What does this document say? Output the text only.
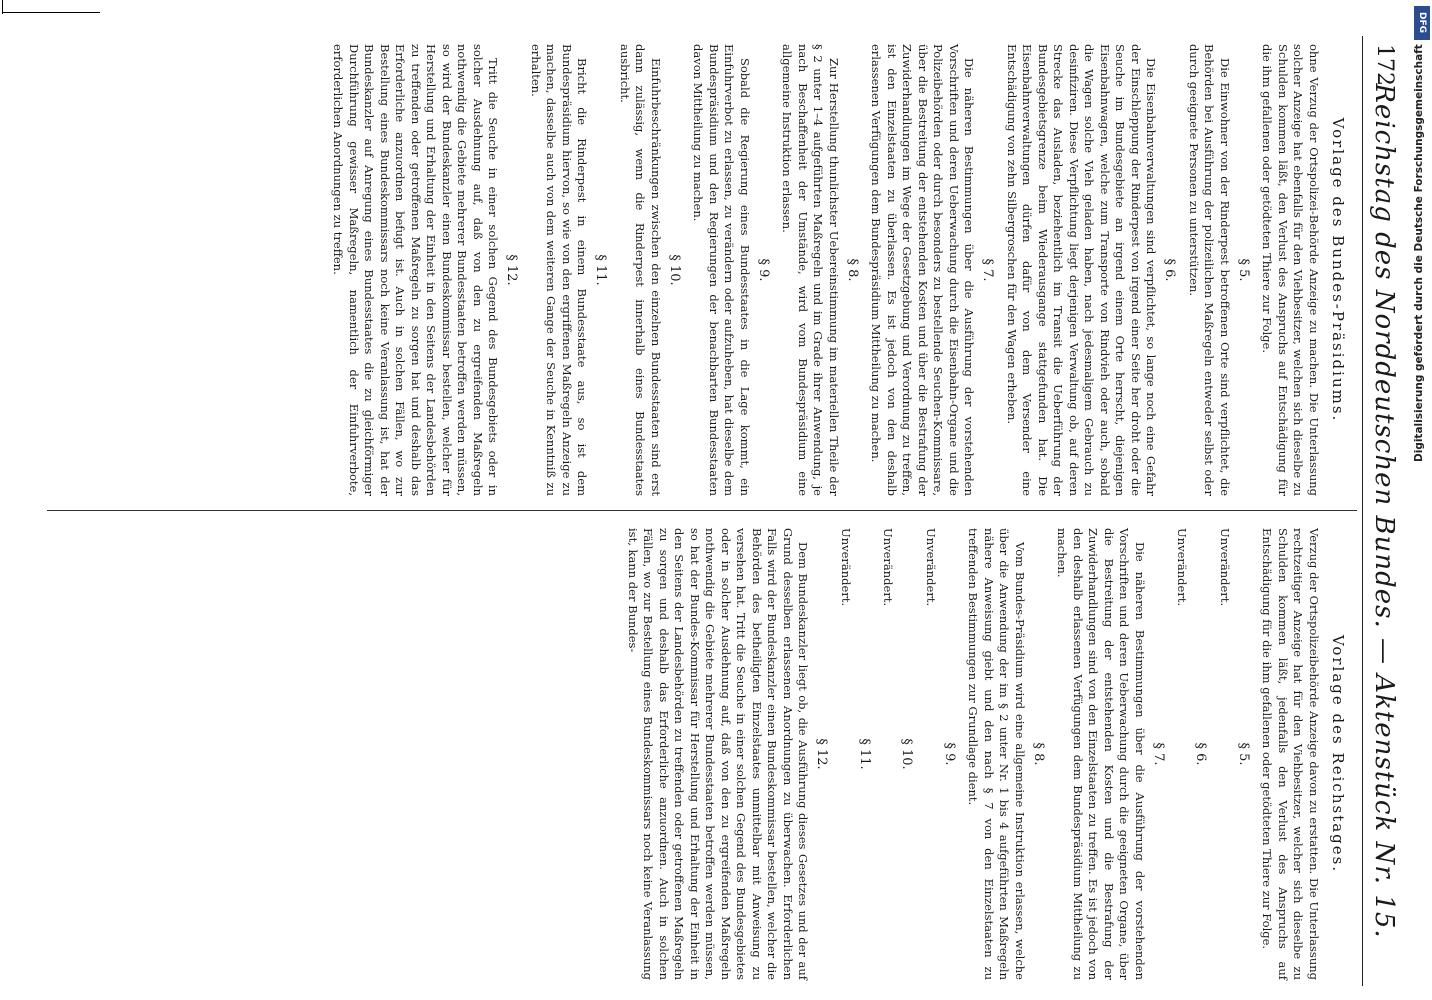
172
Reichstag des Norddeutschen Bundes. — Aktenstück Nr. 15.
Vorlage des Bundes-Präsidiums.

ohne Verzug der Ortspolizei-Behörde Anzeige zu machen. Die Unterlassung solcher Anzeige hat ebenfalls für den Viehbesitzer, welchen sich dieselbe zu Schulden kommen läßt, den Verlust des Anspruchs auf Entschädigung für die ihm gefallenen oder getödteten Thiere zur Folge.

§ 5.

Die Einwohner von der Rinderpest betroffenen Orte sind verpflichtet, die Behörden bei Ausführung der polizeilichen Maßregeln entweder selbst oder durch geeignete Personen zu unterstützen.

§ 6.

Die Eisenbahnverwaltungen sind verpflichtet, so lange noch eine Gefahr der Einschleppung der Rinderpest von irgend einer Seite her droht oder die Seuche im Bundesgebiete an irgend einem Orte herrscht, diejenigen Eisenbahnwagen, welche zum Transporte von Rindvieh oder auch, sobald die Wagen solche Vieh geladen haben, nach jedesmaligem Gebrauch zu desinfiziren. Diese Verpflichtung liegt derjenigen Verwaltung ob, auf deren Strecke das Ausladen, beziehentlich im Transit die Ueberführung der Bundesgebietsgrenze beim Wiederausgange stattgefunden hat. Die Eisenbahnverwaltungen dürfen dafür von dem Versender eine Entschädigung von zehn Silbergroschen für den Wagen erheben.

§ 7.

Die näheren Bestimmungen über die Ausführung der vorstehenden Vorschriften und deren Ueberwachung durch die Eisenbahn-Organe und die Polizeibehörden oder durch besonders zu bestellende Seuchen-Kommissare, über die Bestreitung der entstehenden Kosten und über die Bestrafung der Zuwiderhandlungen im Wege der Gesetzgebung und Verordnung zu treffen, ist den Einzelstaaten zu überlassen. Es ist jedoch von den deshalb erlassenen Verfügungen dem Bundespräsidium Mittheilung zu machen.

§ 8.

Zur Herstellung thunlichster Uebereinstimmung im materiellen Theile der § 2 unter 1–4 aufgeführten Maßregeln und im Grade ihrer Anwendung, je nach Beschaffenheit der Umstände, wird vom Bundespräsidium eine allgemeine Instruktion erlassen.

§ 9.

Sobald die Regierung eines Bundesstaates in die Lage kommt, ein Einfuhrverbot zu erlassen, zu verändern oder aufzuheben, hat dieselbe dem Bundespräsidium und den Regierungen der benachbarten Bundesstaaten davon Mittheilung zu machen.

§ 10.

Einfuhrbeschränkungen zwischen den einzelnen Bundesstaaten sind erst dann zulässig, wenn die Rinderpest innerhalb eines Bundesstaates ausbricht.

§ 11.

Bricht die Rinderpest in einem Bundesstaate aus, so ist dem Bundespräsidium hiervon, so wie von den ergriffenen Maßregeln Anzeige zu machen, dasselbe auch von dem weiteren Gange der Seuche in Kenntniß zu erhalten.

§ 12.

Tritt die Seuche in einer solchen Gegend des Bundesgebiets oder in solcher Ausdehnung auf, daß von den zu ergreifenden Maßregeln nothwendig die Gebiete mehrerer Bundesstaaten betroffen werden müssen, so wird der Bundeskanzler einen Bundeskommissar bestellen, welcher für Herstellung und Erhaltung der Einheit in den Seitens der Landesbehörden zu treffenden oder getroffenen Maßregeln zu sorgen hat und deshalb das Erforderliche anzuordnen befugt ist. Auch in solchen Fällen, wo zur Bestellung eines Bundeskommissars noch keine Veranlassung ist, hat der Bundeskanzler auf Anregung eines Bundesstaates die zu gleichförmiger Durchführung gewisser Maßregeln, namentlich der Einfuhrverbote, erforderlichen Anordnungen zu treffen.

Vorlage des Reichstages.

Verzug der Ortspolizeibehörde Anzeige davon zu erstatten. Die Unterlassung rechtzeitiger Anzeige hat für den Viehbesitzer, welcher sich dieselbe zu Schulden kommen läßt, jedenfalls den Verlust des Anspruchs auf Entschädigung für die ihm gefallenen oder getödteten Thiere zur Folge.

§ 5.
Unverändert.

§ 6.
Unverändert.

§ 7.

Die näheren Bestimmungen über die Ausführung der vorstehenden Vorschriften und deren Ueberwachung durch die geeigneten Organe, über die Bestreitung der entstehenden Kosten und die Bestrafung der Zuwiderhandlungen sind von den Einzelstaaten zu treffen. Es ist jedoch von den deshalb erlassenen Verfügungen dem Bundespräsidium Mittheilung zu machen.

§ 8.

Vom Bundes-Präsidium wird eine allgemeine Instruktion erlassen, welche über die Anwendung der im § 2 unter Nr. 1 bis 4 aufgeführten Maßregeln nähere Anweisung giebt und den nach § 7 von den Einzelstaaten zu treffenden Bestimmungen zur Grundlage dient.

§ 9.
Unverändert.

§ 10.
Unverändert.

§ 11.
Unverändert.

§ 12.

Dem Bundeskanzler liegt ob, die Ausführung dieses Gesetzes und der auf Grund desselben erlassenen Anordnungen zu überwachen. Erforderlichen Falls wird der Bundeskanzler einen Bundeskommissar bestellen, welcher die Behörden des betheiligten Einzelstaates unmittelbar mit Anweisung zu versehen hat. Tritt die Seuche in einer solchen Gegend des Bundesgebietes oder in solcher Ausdehnung auf, daß von den zu ergreifenden Maßregeln nothwendig die Gebiete mehrerer Bundesstaaten betroffen werden müssen, so hat der Bundes-Kommissar für Herstellung und Erhaltung der Einheit in den Seitens der Landesbehörden zu treffenden oder getroffenen Maßregeln zu sorgen und deshalb das Erforderliche anzuordnen. Auch in solchen Fällen, wo zur Bestellung eines Bundeskommissars noch keine Veranlassung ist, kann der Bundes-

DFG
Digitalisierung gefördert durch die Deutsche Forschungsgemeinschaft
